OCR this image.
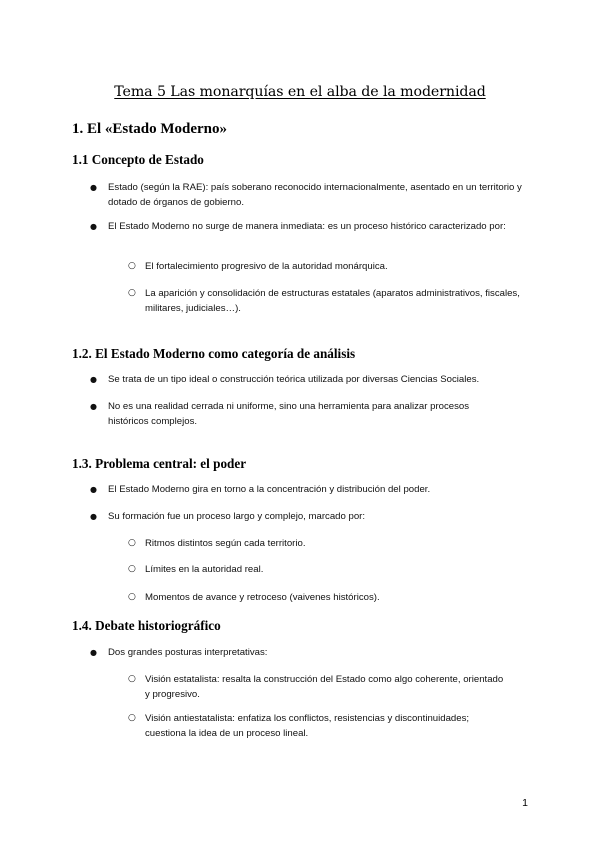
Tema 5 Las monarquías en el alba de la modernidad
1. El «Estado Moderno»
1.1 Concepto de Estado
● Estado (según la RAE): país soberano reconocido internacionalmente, asentado en un territorio y dotado de órganos de gobierno.
● El Estado Moderno no surge de manera inmediata: es un proceso histórico caracterizado por:
○ El fortalecimiento progresivo de la autoridad monárquica.
○ La aparición y consolidación de estructuras estatales (aparatos administrativos, fiscales, militares, judiciales…).
1.2. El Estado Moderno como categoría de análisis
● Se trata de un tipo ideal o construcción teórica utilizada por diversas Ciencias Sociales.
● No es una realidad cerrada ni uniforme, sino una herramienta para analizar procesos históricos complejos.
1.3. Problema central: el poder
● El Estado Moderno gira en torno a la concentración y distribución del poder.
● Su formación fue un proceso largo y complejo, marcado por:
○ Ritmos distintos según cada territorio.
○ Límites en la autoridad real.
○ Momentos de avance y retroceso (vaivenes históricos).
1.4. Debate historiográfico
● Dos grandes posturas interpretativas:
○ Visión estatalista: resalta la construcción del Estado como algo coherente, orientado y progresivo.
○ Visión antiestatalista: enfatiza los conflictos, resistencias y discontinuidades; cuestiona la idea de un proceso lineal.
1
